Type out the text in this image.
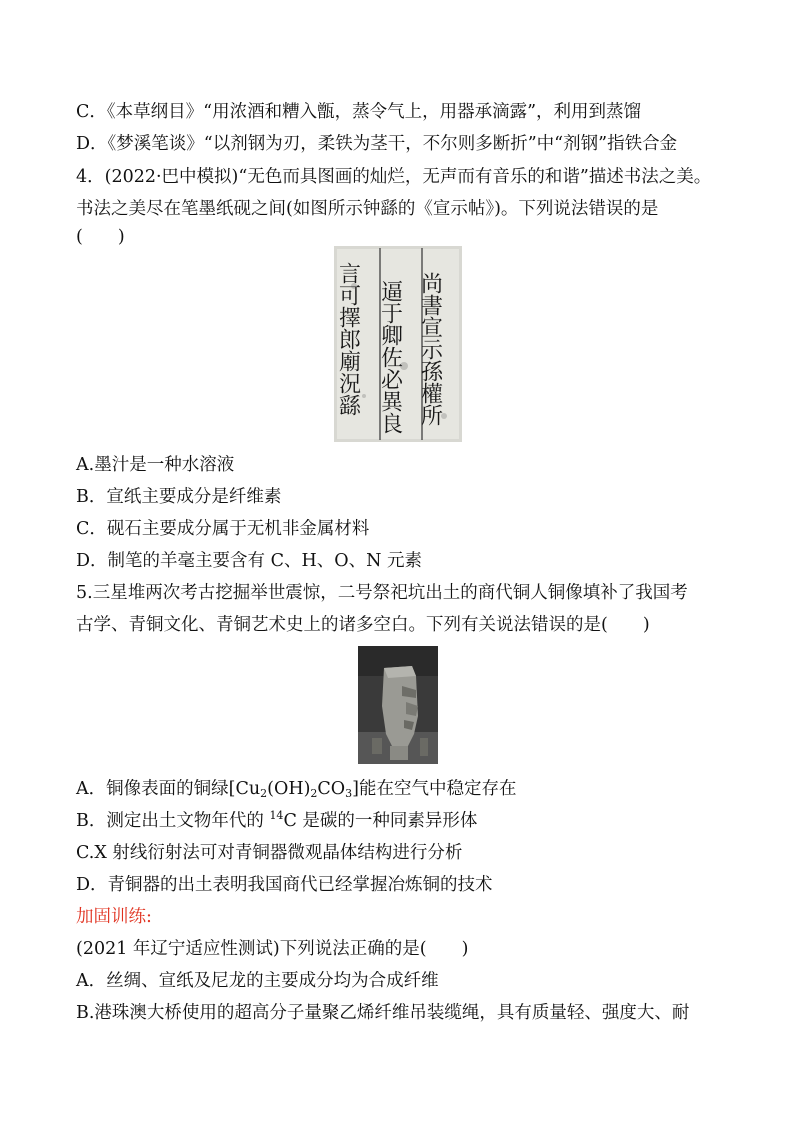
C．《本草纲目》“用浓酒和糟入甑，蒸令气上，用器承滴露”，利用到蒸馏
D．《梦溪笔谈》“以剂钢为刃，柔铁为茎干，不尔则多断折”中“剂钢”指铁合金
4．(2022·巴中模拟)“无色而具图画的灿烂，无声而有音乐的和谐”描述书法之美。
书法之美尽在笔墨纸砚之间(如图所示钟繇的《宣示帖》)。下列说法错误的是
(　　)
尚書宣示孫權所
逼于卿佐必異良
言可擇郎廟況繇
A.墨汁是一种水溶液
B．宣纸主要成分是纤维素
C．砚石主要成分属于无机非金属材料
D．制笔的羊毫主要含有 C、H、O、N 元素
5.三星堆两次考古挖掘举世震惊，二号祭祀坑出土的商代铜人铜像填补了我国考
古学、青铜文化、青铜艺术史上的诸多空白。下列有关说法错误的是(　　)
A．铜像表面的铜绿$[Cu_2(OH)_2CO_3]$能在空气中稳定存在
B．测定出土文物年代的 $^{14}$C 是碳的一种同素异形体
C.X 射线衍射法可对青铜器微观晶体结构进行分析
D．青铜器的出土表明我国商代已经掌握冶炼铜的技术
加固训练:
(2021 年辽宁适应性测试)下列说法正确的是(　　)
A．丝绸、宣纸及尼龙的主要成分均为合成纤维
B.港珠澳大桥使用的超高分子量聚乙烯纤维吊装缆绳，具有质量轻、强度大、耐
